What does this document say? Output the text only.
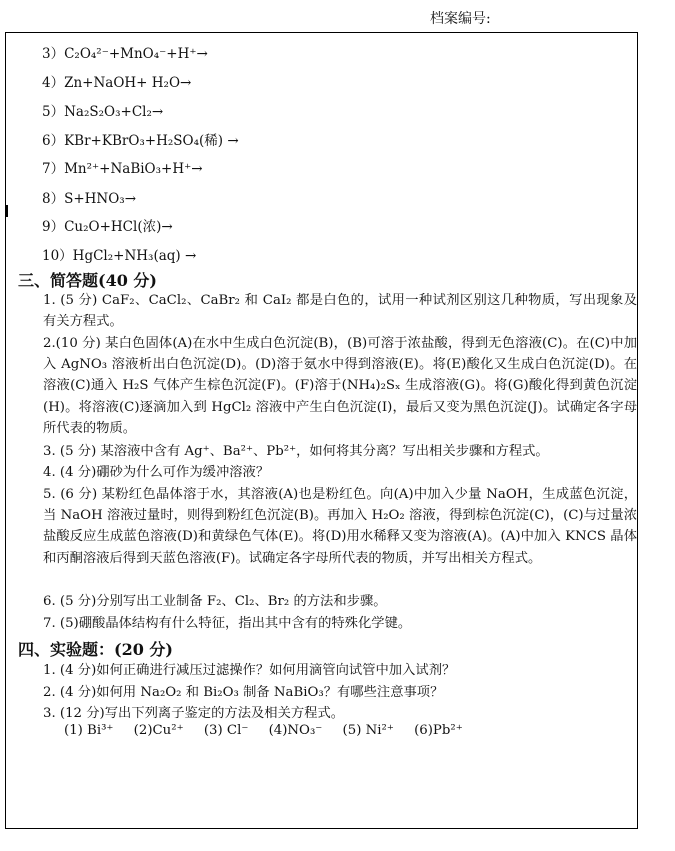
档案编号:
3）C₂O₄²⁻+MnO₄⁻+H⁺→
4）Zn+NaOH+ H₂O→
5）Na₂S₂O₃+Cl₂→
6）KBr+KBrO₃+H₂SO₄(稀) →
7）Mn²⁺+NaBiO₃+H⁺→
8）S+HNO₃→
9）Cu₂O+HCl(浓)→
10）HgCl₂+NH₃(aq) →
三、简答题(40 分)
1. (5 分) CaF₂、CaCl₂、CaBr₂ 和 CaI₂ 都是白色的，试用一种试剂区别这几种物质，写出现象及有关方程式。
2.(10 分) 某白色固体(A)在水中生成白色沉淀(B)，(B)可溶于浓盐酸，得到无色溶液(C)。在(C)中加入 AgNO₃ 溶液析出白色沉淀(D)。(D)溶于氨水中得到溶液(E)。将(E)酸化又生成白色沉淀(D)。在溶液(C)通入 H₂S 气体产生棕色沉淀(F)。(F)溶于(NH₄)₂Sₓ 生成溶液(G)。将(G)酸化得到黄色沉淀(H)。将溶液(C)逐滴加入到 HgCl₂ 溶液中产生白色沉淀(I)，最后又变为黑色沉淀(J)。试确定各字母所代表的物质。
3. (5 分) 某溶液中含有 Ag⁺、Ba²⁺、Pb²⁺，如何将其分离？写出相关步骤和方程式。
4. (4 分)硼砂为什么可作为缓冲溶液？
5. (6 分) 某粉红色晶体溶于水，其溶液(A)也是粉红色。向(A)中加入少量 NaOH，生成蓝色沉淀，当 NaOH 溶液过量时，则得到粉红色沉淀(B)。再加入 H₂O₂ 溶液，得到棕色沉淀(C)，(C)与过量浓盐酸反应生成蓝色溶液(D)和黄绿色气体(E)。将(D)用水稀释又变为溶液(A)。(A)中加入 KNCS 晶体和丙酮溶液后得到天蓝色溶液(F)。试确定各字母所代表的物质，并写出相关方程式。
6. (5 分)分别写出工业制备 F₂、Cl₂、Br₂ 的方法和步骤。
7. (5)硼酸晶体结构有什么特征，指出其中含有的特殊化学键。
四、实验题：(20 分)
1. (4 分)如何正确进行减压过滤操作？如何用滴管向试管中加入试剂？
2. (4 分)如何用 Na₂O₂ 和 Bi₂O₃ 制备 NaBiO₃？有哪些注意事项？
3. (12 分)写出下列离子鉴定的方法及相关方程式。
(1) Bi³⁺ (2)Cu²⁺ (3) Cl⁻ (4)NO₃⁻ (5) Ni²⁺ (6)Pb²⁺
